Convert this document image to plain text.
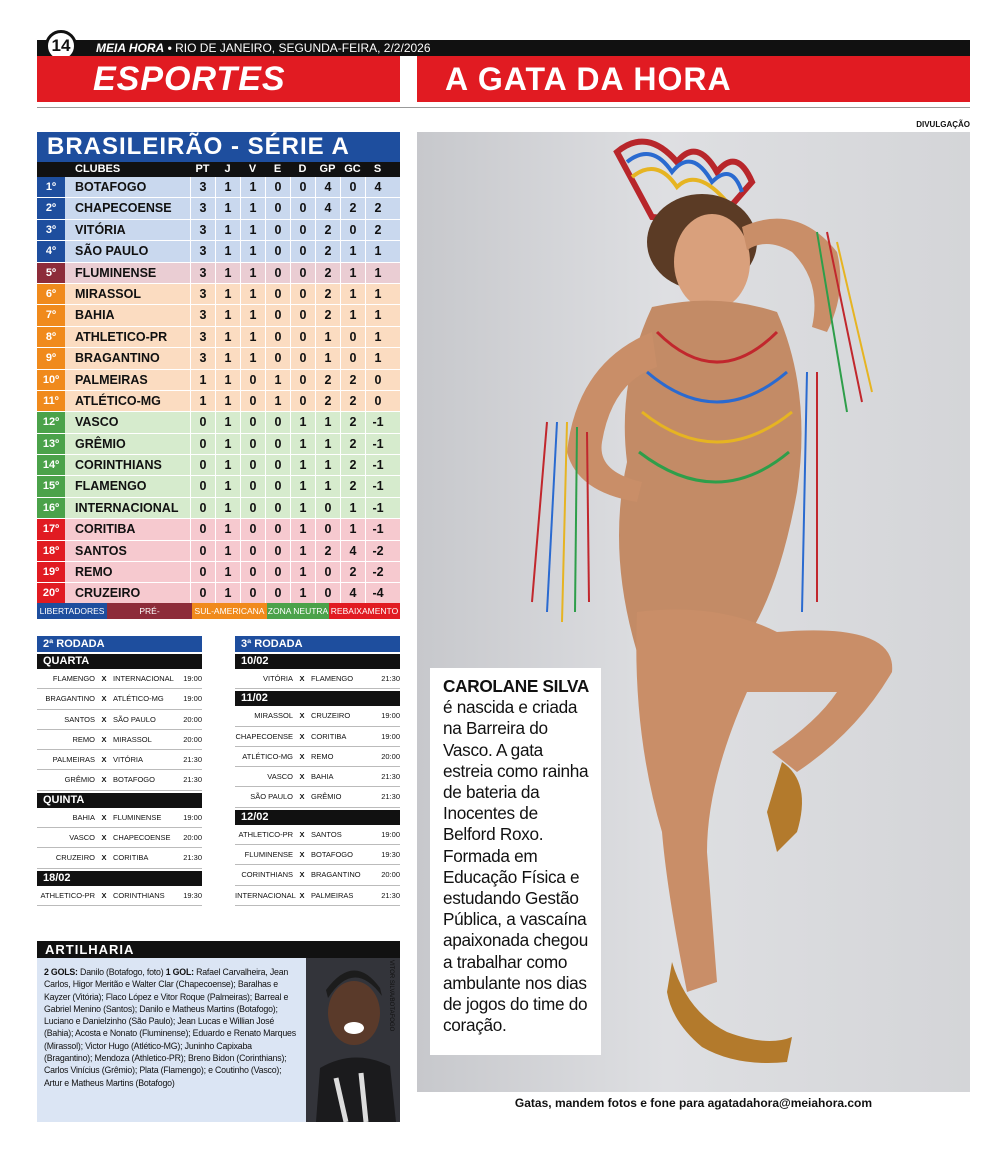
MEIA HORA • RIO DE JANEIRO, SEGUNDA-FEIRA, 2/2/2026
14
ESPORTES	A GATA DA HORA
DIVULGAÇÃO
BRASILEIRÃO - SÉRIE A
CLUBES	PT	J	V	E	D	GP GC	S
1º	BOTAFOGO	3	1	1	0	0	4	0	4
2º	CHAPECOENSE	3	1	1	0	0	4	2	2
3º	VITÓRIA	3	1	1	0	0	2	0	2
4º	SÃO PAULO	3	1	1	0	0	2	1	1
5º	FLUMINENSE	3	1	1	0	0	2	1	1
6º	MIRASSOL	3	1	1	0	0	2	1	1
7º	BAHIA	3	1	1	0	0	2	1	1
8º	ATHLETICO-PR	3	1	1	0	0	1	0	1
9º	BRAGANTINO	3	1	1	0	0	1	0	1
10º	PALMEIRAS	1	1	0	1	0	2	2	0
11º	ATLÉTICO-MG	1	1	0	1	0	2	2	0
12º	VASCO	0	1	0	0	1	1	2	-1
13º	GRÊMIO	0	1	0	0	1	1	2	-1
14º	CORINTHIANS	0	1	0	0	1	1	2	-1
15º	FLAMENGO	0	1	0	0	1	1	2	-1
16º	INTERNACIONAL	0	1	0	0	1	0	1	-1
17º	CORITIBA	0	1	0	0	1	0	1	-1
18º	SANTOS	0	1	0	0	1	2	4	-2
19º	REMO	0	1	0	0	1	0	2	-2
20º	CRUZEIRO	0	1	0	0	1	0	4	-4
LIBERTADORES	PRÉ-LIBERTADORES
SUL-AMERICANA ZONA NEUTRA REBAIXAMENTO
2ª RODADA
QUARTA
FLAMENGO X INTERNACIONAL	19:00
BRAGANTINO X ATLÉTICO-MG	19:00
SANTOS X SÃO PAULO	20:00
REMO X MIRASSOL	20:00
PALMEIRAS X VITÓRIA	21:30
GRÊMIO X BOTAFOGO	21:30
QUINTA
BAHIA X FLUMINENSE	19:00
VASCO X CHAPECOENSE	20:00
CRUZEIRO X CORITIBA	21:30
18/02
ATHLETICO-PR X CORINTHIANS	19:30
3ª RODADA
10/02
VITÓRIA X FLAMENGO	21:30
11/02
MIRASSOL X CRUZEIRO	19:00
CHAPECOENSE X CORITIBA	19:00
ATLÉTICO-MG X REMO	20:00
VASCO X BAHIA	21:30
SÃO PAULO X GRÊMIO	21:30
12/02
ATHLETICO-PR X SANTOS	19:00
FLUMINENSE X BOTAFOGO	19:30
CORINTHIANS X BRAGANTINO	20:00
INTERNACIONAL X PALMEIRAS	21:30
ARTILHARIA
2 GOLS: Danilo (Botafogo, foto) 1 GOL: Rafael Carvalheira, Jean Carlos, Higor Meritão e Walter Clar (Chapecoense); Baralhas e Kayzer (Vitória); Flaco López e Vitor Roque (Palmeiras); Barreal e Gabriel Menino (Santos); Danilo e Matheus Martins (Botafogo); Luciano e Danielzinho (São Paulo); Jean Lucas e Willian José (Bahia); Acosta e Nonato (Fluminense); Eduardo e Renato Marques (Mirassol); Victor Hugo (Atlético-MG); Juninho Capixaba (Bragantino); Mendoza (Athletico-PR); Breno Bidon (Corinthians); Carlos Vinícius (Grêmio); Plata (Flamengo); e Coutinho (Vasco); Artur e Matheus Martins (Botafogo)
VITOR SILVA/BOTAFOGO
CAROLANE SILVA é nascida e criada na Barreira do Vasco. A gata estreia como rainha de bateria da Inocentes de Belford Roxo. Formada em Educação Física e estudando Gestão Pública, a vascaína apaixonada chegou a trabalhar como ambulante nos dias de jogos do time do coração.
Gatas, mandem fotos e fone para agatadahora@meiahora.com
